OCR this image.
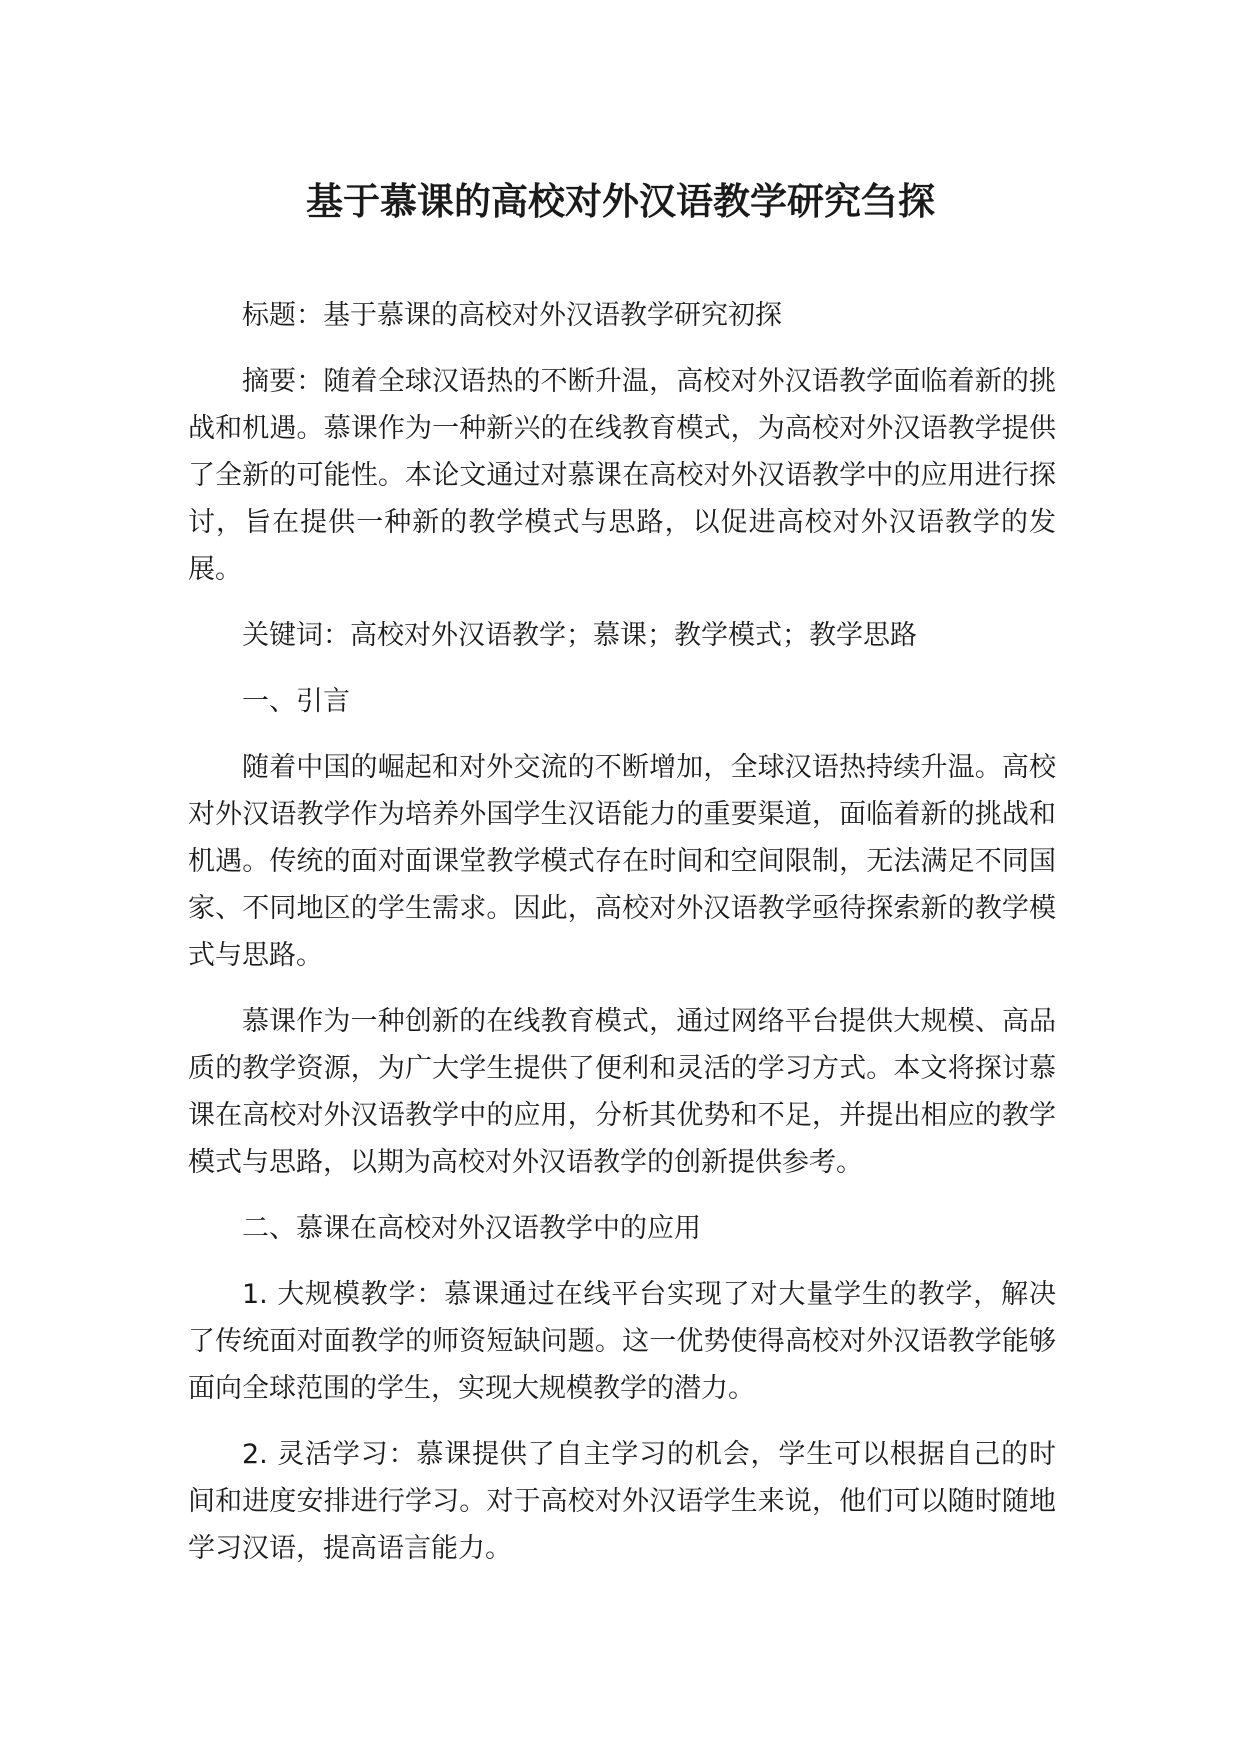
基于慕课的高校对外汉语教学研究刍探

标题：基于慕课的高校对外汉语教学研究初探

摘要：随着全球汉语热的不断升温，高校对外汉语教学面临着新的挑战和机遇。慕课作为一种新兴的在线教育模式，为高校对外汉语教学提供了全新的可能性。本论文通过对慕课在高校对外汉语教学中的应用进行探讨，旨在提供一种新的教学模式与思路，以促进高校对外汉语教学的发展。

关键词：高校对外汉语教学；慕课；教学模式；教学思路

一、引言

随着中国的崛起和对外交流的不断增加，全球汉语热持续升温。高校对外汉语教学作为培养外国学生汉语能力的重要渠道，面临着新的挑战和机遇。传统的面对面课堂教学模式存在时间和空间限制，无法满足不同国家、不同地区的学生需求。因此，高校对外汉语教学亟待探索新的教学模式与思路。

慕课作为一种创新的在线教育模式，通过网络平台提供大规模、高品质的教学资源，为广大学生提供了便利和灵活的学习方式。本文将探讨慕课在高校对外汉语教学中的应用，分析其优势和不足，并提出相应的教学模式与思路，以期为高校对外汉语教学的创新提供参考。

二、慕课在高校对外汉语教学中的应用

1. 大规模教学：慕课通过在线平台实现了对大量学生的教学，解决了传统面对面教学的师资短缺问题。这一优势使得高校对外汉语教学能够面向全球范围的学生，实现大规模教学的潜力。

2. 灵活学习：慕课提供了自主学习的机会，学生可以根据自己的时间和进度安排进行学习。对于高校对外汉语学生来说，他们可以随时随地学习汉语，提高语言能力。
